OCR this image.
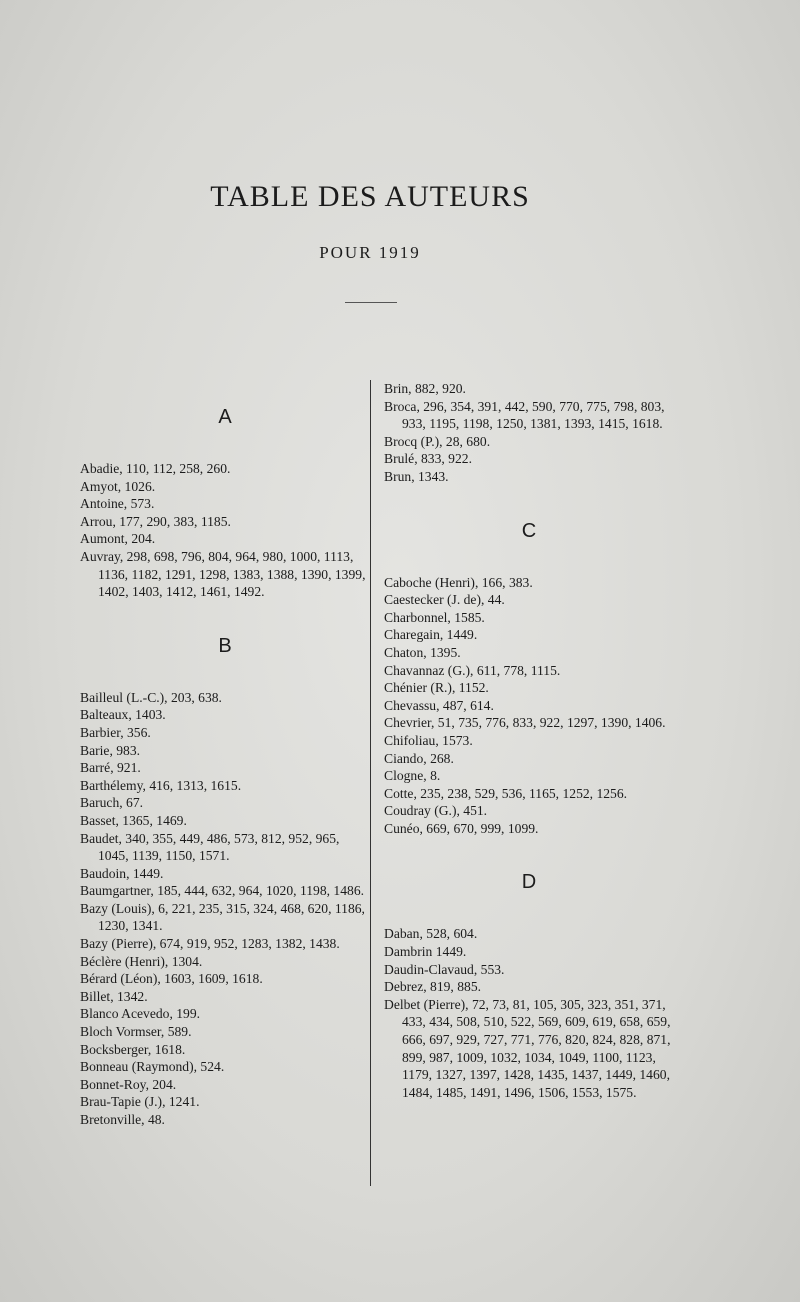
TABLE DES AUTEURS
POUR 1919
A

Abadie, 110, 112, 258, 260.

Amyot, 1026.

Antoine, 573.

Arrou, 177, 290, 383, 1185.

Aumont, 204.

Auvray, 298, 698, 796, 804, 964, 980, 1000, 1113, 1136, 1182, 1291, 1298, 1383, 1388, 1390, 1399, 1402, 1403, 1412, 1461, 1492.

B

Bailleul (L.-C.), 203, 638.

Balteaux, 1403.

Barbier, 356.

Barie, 983.

Barré, 921.

Barthélemy, 416, 1313, 1615.

Baruch, 67.

Basset, 1365, 1469.

Baudet, 340, 355, 449, 486, 573, 812, 952, 965, 1045, 1139, 1150, 1571.

Baudoin, 1449.

Baumgartner, 185, 444, 632, 964, 1020, 1198, 1486.

Bazy (Louis), 6, 221, 235, 315, 324, 468, 620, 1186, 1230, 1341.

Bazy (Pierre), 674, 919, 952, 1283, 1382, 1438.

Béclère (Henri), 1304.

Bérard (Léon), 1603, 1609, 1618.

Billet, 1342.

Blanco Acevedo, 199.

Bloch Vormser, 589.

Bocksberger, 1618.

Bonneau (Raymond), 524.

Bonnet-Roy, 204.

Brau-Tapie (J.), 1241.

Bretonville, 48.

Brin, 882, 920.

Broca, 296, 354, 391, 442, 590, 770, 775, 798, 803, 933, 1195, 1198, 1250, 1381, 1393, 1415, 1618.

Brocq (P.), 28, 680.

Brulé, 833, 922.

Brun, 1343.

C

Caboche (Henri), 166, 383.

Caestecker (J. de), 44.

Charbonnel, 1585.

Charegain, 1449.

Chaton, 1395.

Chavannaz (G.), 611, 778, 1115.

Chénier (R.), 1152.

Chevassu, 487, 614.

Chevrier, 51, 735, 776, 833, 922, 1297, 1390, 1406.

Chifoliau, 1573.

Ciando, 268.

Clogne, 8.

Cotte, 235, 238, 529, 536, 1165, 1252, 1256.

Coudray (G.), 451.

Cunéo, 669, 670, 999, 1099.

D

Daban, 528, 604.

Dambrin 1449.

Daudin-Clavaud, 553.

Debrez, 819, 885.

Delbet (Pierre), 72, 73, 81, 105, 305, 323, 351, 371, 433, 434, 508, 510, 522, 569, 609, 619, 658, 659, 666, 697, 929, 727, 771, 776, 820, 824, 828, 871, 899, 987, 1009, 1032, 1034, 1049, 1100, 1123, 1179, 1327, 1397, 1428, 1435, 1437, 1449, 1460, 1484, 1485, 1491, 1496, 1506, 1553, 1575.
